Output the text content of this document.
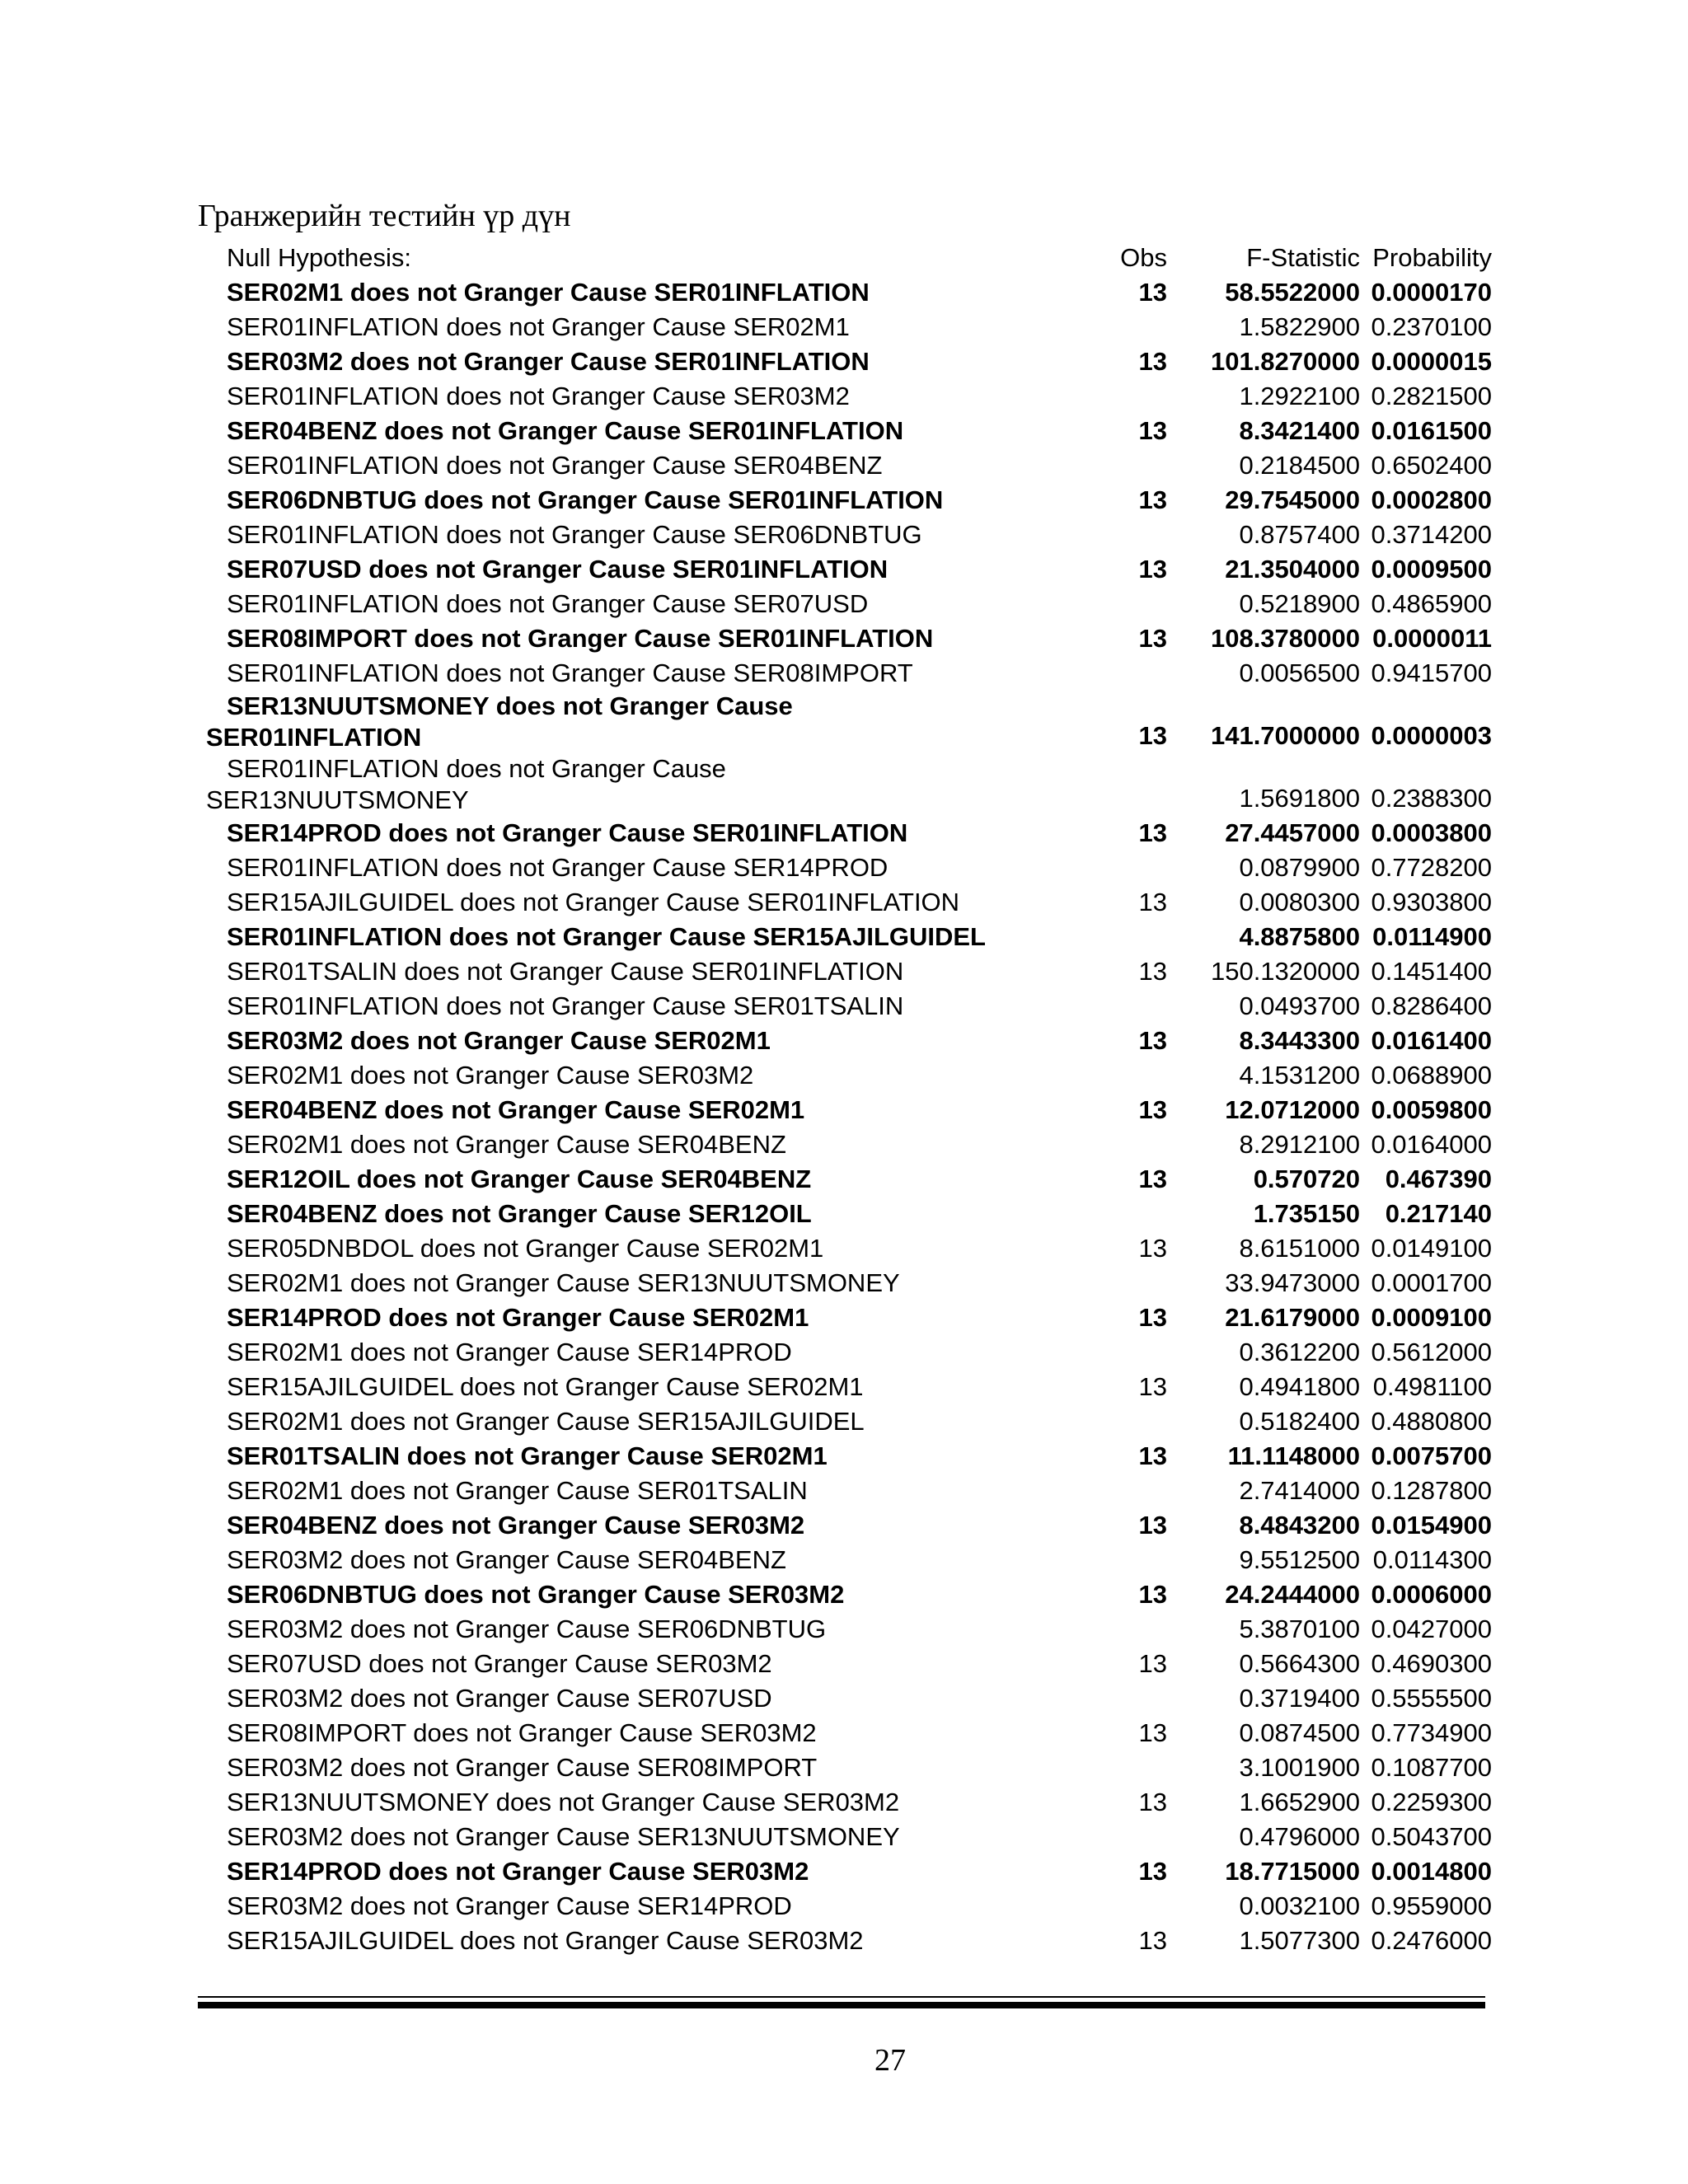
Гранжерийн тестийн үр дүн
Null Hypothesis:	Obs	F-Statistic	Probability
SER02M1 does not Granger Cause SER01INFLATION	13	58.5522000	0.0000170
SER01INFLATION does not Granger Cause SER02M1		1.5822900	0.2370100
SER03M2 does not Granger Cause SER01INFLATION	13	101.8270000	0.0000015
SER01INFLATION does not Granger Cause SER03M2		1.2922100	0.2821500
SER04BENZ does not Granger Cause SER01INFLATION	13	8.3421400	0.0161500
SER01INFLATION does not Granger Cause SER04BENZ		0.2184500	0.6502400
SER06DNBTUG does not Granger Cause SER01INFLATION	13	29.7545000	0.0002800
SER01INFLATION does not Granger Cause SER06DNBTUG		0.8757400	0.3714200
SER07USD does not Granger Cause SER01INFLATION	13	21.3504000	0.0009500
SER01INFLATION does not Granger Cause SER07USD		0.5218900	0.4865900
SER08IMPORT does not Granger Cause SER01INFLATION	13	108.3780000	0.0000011
SER01INFLATION does not Granger Cause SER08IMPORT		0.0056500	0.9415700

SER13NUUTSMONEY does not Granger Cause
SER01INFLATION	13	141.7000000	0.0000003

SER01INFLATION does not Granger Cause
SER13NUUTSMONEY		1.5691800	0.2388300
SER14PROD does not Granger Cause SER01INFLATION	13	27.4457000	0.0003800
SER01INFLATION does not Granger Cause SER14PROD		0.0879900	0.7728200
SER15AJILGUIDEL does not Granger Cause SER01INFLATION	13	0.0080300	0.9303800
SER01INFLATION does not Granger Cause SER15AJILGUIDEL		4.8875800	0.0114900
SER01TSALIN does not Granger Cause SER01INFLATION	13	150.1320000	0.1451400
SER01INFLATION does not Granger Cause SER01TSALIN		0.0493700	0.8286400
SER03M2 does not Granger Cause SER02M1	13	8.3443300	0.0161400
SER02M1 does not Granger Cause SER03M2		4.1531200	0.0688900
SER04BENZ does not Granger Cause SER02M1	13	12.0712000	0.0059800
SER02M1 does not Granger Cause SER04BENZ		8.2912100	0.0164000
SER12OIL does not Granger Cause SER04BENZ	13	0.570720	0.467390
SER04BENZ does not Granger Cause SER12OIL		1.735150	0.217140
SER05DNBDOL does not Granger Cause SER02M1	13	8.6151000	0.0149100
SER02M1 does not Granger Cause SER13NUUTSMONEY		33.9473000	0.0001700
SER14PROD does not Granger Cause SER02M1	13	21.6179000	0.0009100
SER02M1 does not Granger Cause SER14PROD		0.3612200	0.5612000
SER15AJILGUIDEL does not Granger Cause SER02M1	13	0.4941800	0.4981100
SER02M1 does not Granger Cause SER15AJILGUIDEL		0.5182400	0.4880800
SER01TSALIN does not Granger Cause SER02M1	13	11.1148000	0.0075700
SER02M1 does not Granger Cause SER01TSALIN		2.7414000	0.1287800
SER04BENZ does not Granger Cause SER03M2	13	8.4843200	0.0154900
SER03M2 does not Granger Cause SER04BENZ		9.5512500	0.0114300
SER06DNBTUG does not Granger Cause SER03M2	13	24.2444000	0.0006000
SER03M2 does not Granger Cause SER06DNBTUG		5.3870100	0.0427000
SER07USD does not Granger Cause SER03M2	13	0.5664300	0.4690300
SER03M2 does not Granger Cause SER07USD		0.3719400	0.5555500
SER08IMPORT does not Granger Cause SER03M2	13	0.0874500	0.7734900
SER03M2 does not Granger Cause SER08IMPORT		3.1001900	0.1087700
SER13NUUTSMONEY does not Granger Cause SER03M2	13	1.6652900	0.2259300
SER03M2 does not Granger Cause SER13NUUTSMONEY		0.4796000	0.5043700
SER14PROD does not Granger Cause SER03M2	13	18.7715000	0.0014800
SER03M2 does not Granger Cause SER14PROD		0.0032100	0.9559000
SER15AJILGUIDEL does not Granger Cause SER03M2	13	1.5077300	0.2476000
27
